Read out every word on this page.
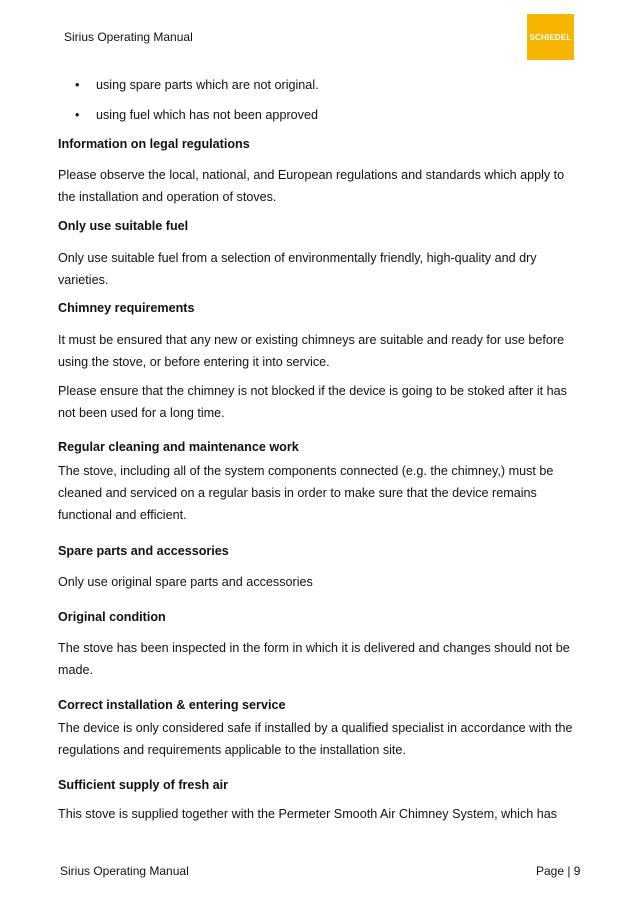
Sirius Operating Manual	SCHIEDEL
• using spare parts which are not original.
• using fuel which has not been approved
Information on legal regulations
Please observe the local, national, and European regulations and standards which apply to the installation and operation of stoves.
Only use suitable fuel
Only use suitable fuel from a selection of environmentally friendly, high-quality and dry varieties.
Chimney requirements
It must be ensured that any new or existing chimneys are suitable and ready for use before using the stove, or before entering it into service.
Please ensure that the chimney is not blocked if the device is going to be stoked after it has not been used for a long time.
Regular cleaning and maintenance work
The stove, including all of the system components connected (e.g. the chimney,) must be cleaned and serviced on a regular basis in order to make sure that the device remains functional and efficient.
Spare parts and accessories
Only use original spare parts and accessories
Original condition
The stove has been inspected in the form in which it is delivered and changes should not be made.
Correct installation & entering service
The device is only considered safe if installed by a qualified specialist in accordance with the regulations and requirements applicable to the installation site.
Sufficient supply of fresh air
This stove is supplied together with the Permeter Smooth Air Chimney System, which has
Sirius Operating Manual	Page | 9
